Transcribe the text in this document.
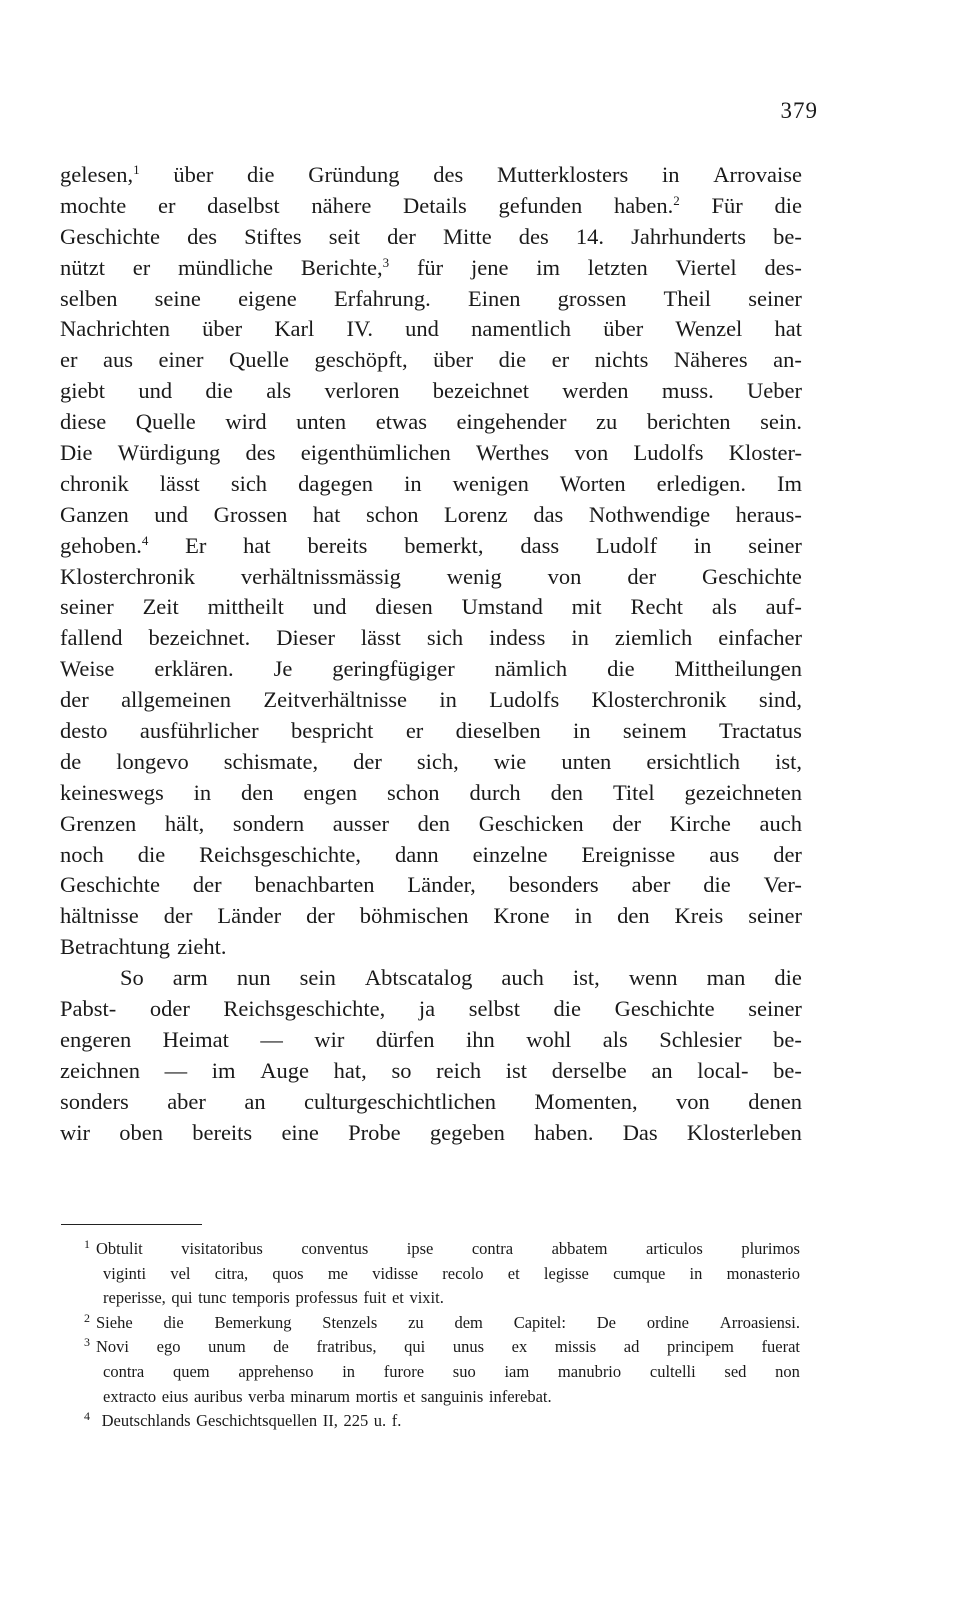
379
gelesen,$^1$ über die Gründung des Mutterklosters in Arrovaise
mochte er daselbst nähere Details gefunden haben.$^2$ Für die
Geschichte des Stiftes seit der Mitte des 14. Jahrhunderts be-
nützt er mündliche Berichte,$^3$ für jene im letzten Viertel des-
selben seine eigene Erfahrung. Einen grossen Theil seiner
Nachrichten über Karl IV. und namentlich über Wenzel hat
er aus einer Quelle geschöpft, über die er nichts Näheres an-
giebt und die als verloren bezeichnet werden muss. Ueber
diese Quelle wird unten etwas eingehender zu berichten sein.
Die Würdigung des eigenthümlichen Werthes von Ludolfs Kloster-
chronik lässt sich dagegen in wenigen Worten erledigen. Im
Ganzen und Grossen hat schon Lorenz das Nothwendige heraus-
gehoben.$^4$ Er hat bereits bemerkt, dass Ludolf in seiner
Klosterchronik verhältnissmässig wenig von der Geschichte
seiner Zeit mittheilt und diesen Umstand mit Recht als auf-
fallend bezeichnet. Dieser lässt sich indess in ziemlich einfacher
Weise erklären. Je geringfügiger nämlich die Mittheilungen
der allgemeinen Zeitverhältnisse in Ludolfs Klosterchronik sind,
desto ausführlicher bespricht er dieselben in seinem Tractatus
de longevo schismate, der sich, wie unten ersichtlich ist,
keineswegs in den engen schon durch den Titel gezeichneten
Grenzen hält, sondern ausser den Geschicken der Kirche auch
noch die Reichsgeschichte, dann einzelne Ereignisse aus der
Geschichte der benachbarten Länder, besonders aber die Ver-
hältnisse der Länder der böhmischen Krone in den Kreis seiner
Betrachtung zieht.
So arm nun sein Abtscatalog auch ist, wenn man die
Pabst- oder Reichsgeschichte, ja selbst die Geschichte seiner
engeren Heimat — wir dürfen ihn wohl als Schlesier be-
zeichnen — im Auge hat, so reich ist derselbe an local- be-
sonders aber an culturgeschichtlichen Momenten, von denen
wir oben bereits eine Probe gegeben haben. Das Klosterleben
$^1$ Obtulit visitatoribus conventus ipse contra abbatem articulos plurimos
viginti vel citra, quos me vidisse recolo et legisse cumque in monasterio
reperisse, qui tunc temporis professus fuit et vixit.
$^2$ Siehe die Bemerkung Stenzels zu dem Capitel: De ordine Arroasiensi.
$^3$ Novi ego unum de fratribus, qui unus ex missis ad principem fuerat
contra quem apprehenso in furore suo iam manubrio cultelli sed non
extracto eius auribus verba minarum mortis et sanguinis inferebat.
$^4$ Deutschlands Geschichtsquellen II, 225 u. f.
